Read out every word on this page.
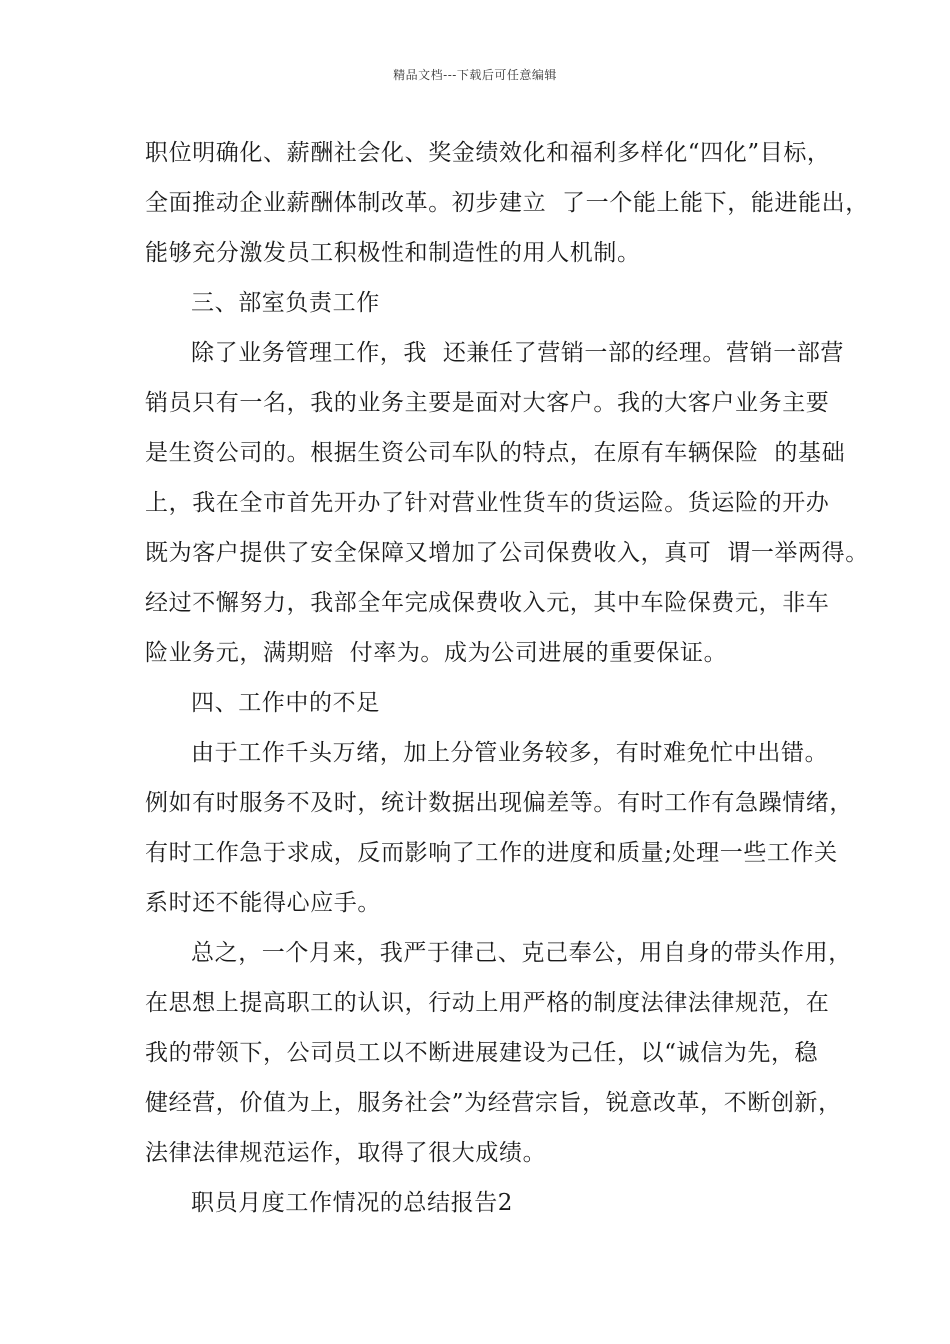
精品文档---下载后可任意编辑
职位明确化、薪酬社会化、奖金绩效化和福利多样化“四化”目标，
全面推动企业薪酬体制改革。初步建立  了一个能上能下，能进能出，
能够充分激发员工积极性和制造性的用人机制。
三、部室负责工作
除了业务管理工作，我  还兼任了营销一部的经理。营销一部营
销员只有一名，我的业务主要是面对大客户。我的大客户业务主要
是生资公司的。根据生资公司车队的特点，在原有车辆保险  的基础
上，我在全市首先开办了针对营业性货车的货运险。货运险的开办
既为客户提供了安全保障又增加了公司保费收入，真可  谓一举两得。
经过不懈努力，我部全年完成保费收入元，其中车险保费元，非车
险业务元，满期赔  付率为。成为公司进展的重要保证。
四、工作中的不足
由于工作千头万绪，加上分管业务较多，有时难免忙中出错。
例如有时服务不及时，统计数据出现偏差等。有时工作有急躁情绪，
有时工作急于求成，反而影响了工作的进度和质量;处理一些工作关
系时还不能得心应手。
总之，一个月来，我严于律己、克己奉公，用自身的带头作用，
在思想上提高职工的认识，行动上用严格的制度法律法律规范，在
我的带领下，公司员工以不断进展建设为己任，以“诚信为先，稳
健经营，价值为上，服务社会”为经营宗旨，锐意改革，不断创新，
法律法律规范运作，取得了很大成绩。
职员月度工作情况的总结报告2
